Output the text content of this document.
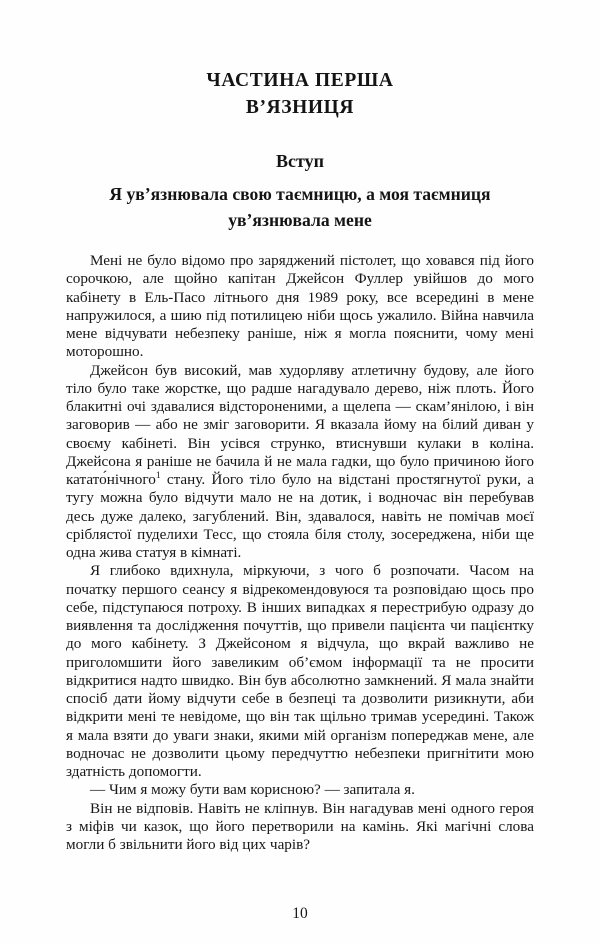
ЧАСТИНА ПЕРША
В’ЯЗНИЦЯ
Вступ
Я ув’язнювала свою таємницю, а моя таємниця ув’язнювала мене

Мені не було відомо про заряджений пістолет, що ховався під його сорочкою, але щойно капітан Джейсон Фуллер увійшов до мого кабінету в Ель-Пасо літнього дня 1989 року, все всередині в мене напружилося, а шию під потилицею ніби щось ужалило. Війна навчила мене відчувати небезпеку раніше, ніж я могла пояснити, чому мені моторошно.

Джейсон був високий, мав худорляву атлетичну будову, але його тіло було таке жорстке, що радше нагадувало дерево, ніж плоть. Його блакитні очі здавалися відстороненими, а щелепа — скам’янілою, і він заговорив — або не зміг заговорити. Я вказала йому на білий диван у своєму кабінеті. Він усівся струнко, втиснувши кулаки в коліна. Джейсона я раніше не бачила й не мала гадки, що було причиною його катато́нічного$^1$ стану. Його тіло було на відстані простягнутої руки, а тугу можна було відчути мало не на дотик, і водночас він перебував десь дуже далеко, загублений. Він, здавалося, навіть не помічав моєї сріблястої пуделихи Тесс, що стояла біля столу, зосереджена, ніби ще одна жива статуя в кімнаті.

Я глибоко вдихнула, міркуючи, з чого б розпочати. Часом на початку першого сеансу я відрекомендовуюся та розповідаю щось про себе, підступаюся потроху. В інших випадках я перестрибую одразу до виявлення та дослідження почуттів, що привели пацієнта чи пацієнтку до мого кабінету. З Джейсоном я відчула, що вкрай важливо не приголомшити його завеликим об’ємом інформації та не просити відкритися надто швидко. Він був абсолютно замкнений. Я мала знайти спосіб дати йому відчути себе в безпеці та дозволити ризикнути, аби відкрити мені те невідоме, що він так щільно тримав усередині. Також я мала взяти до уваги знаки, якими мій організм попереджав мене, але водночас не дозволити цьому передчуттю небезпеки пригнітити мою здатність допомогти.

— Чим я можу бути вам корисною? — запитала я.

Він не відповів. Навіть не кліпнув. Він нагадував мені одного героя з міфів чи казок, що його перетворили на камінь. Які магічні слова могли б звільнити його від цих чарів?

10
